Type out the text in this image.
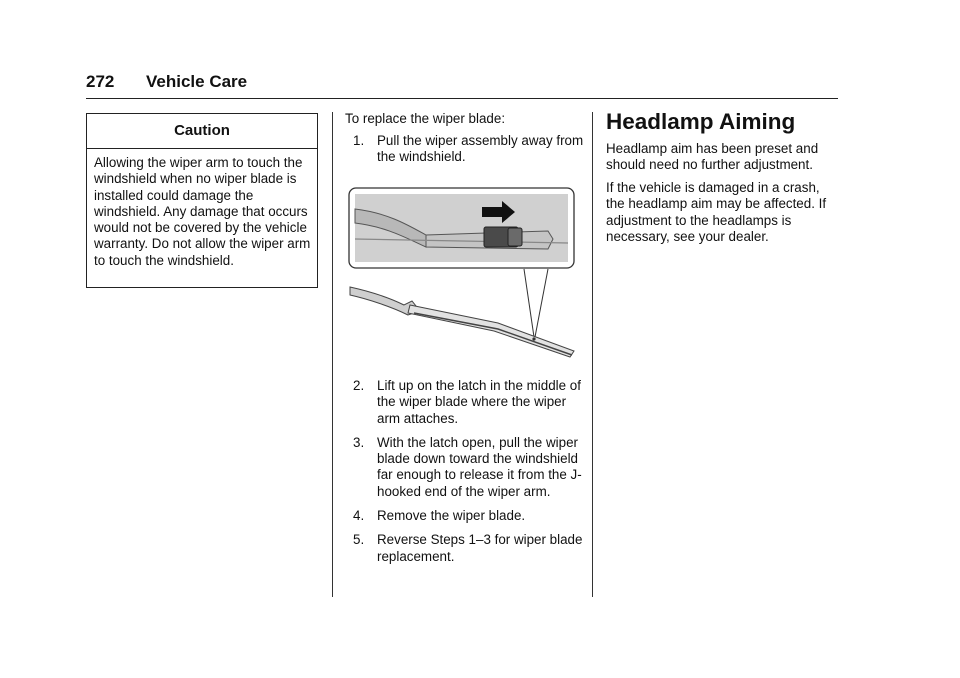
272 Vehicle Care
Caution
Allowing the wiper arm to touch the windshield when no wiper blade is installed could damage the windshield. Any damage that occurs would not be covered by the vehicle warranty. Do not allow the wiper arm to touch the windshield.
To replace the wiper blade:
1. Pull the wiper assembly away from the windshield.
2. Lift up on the latch in the middle of the wiper blade where the wiper arm attaches.
3. With the latch open, pull the wiper blade down toward the windshield far enough to release it from the J-hooked end of the wiper arm.
4. Remove the wiper blade.
5. Reverse Steps 1–3 for wiper blade replacement.
Headlamp Aiming

Headlamp aim has been preset and should need no further adjustment.

If the vehicle is damaged in a crash, the headlamp aim may be affected. If adjustment to the headlamps is necessary, see your dealer.
